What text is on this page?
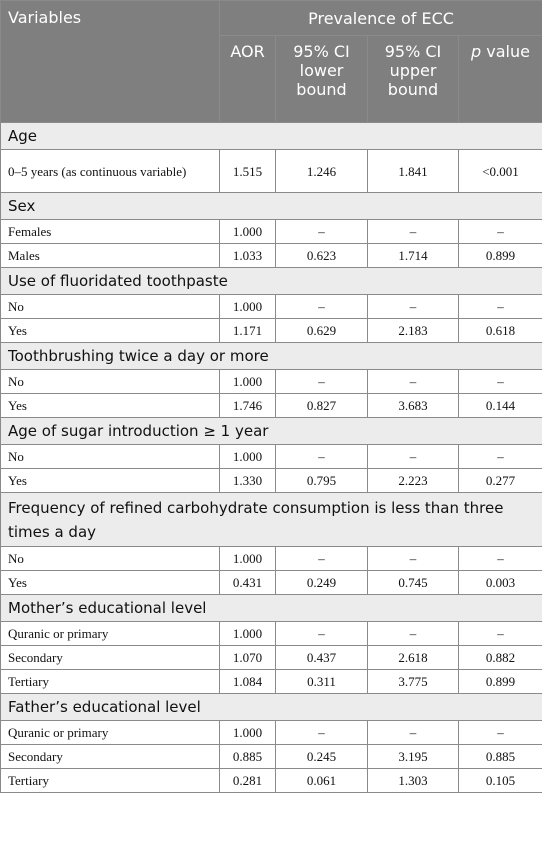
Variables	Prevalence of ECC			
	AOR	95% CI lower bound	95% CI upper bound	p value
Age				
0–5 years (as continuous variable)	1.515	1.246	1.841	<0.001
Sex				
Females	1.000	–	–	–
Males	1.033	0.623	1.714	0.899
Use of fluoridated toothpaste				
No	1.000	–	–	–
Yes	1.171	0.629	2.183	0.618
Toothbrushing twice a day or more				
No	1.000	–	–	–
Yes	1.746	0.827	3.683	0.144
Age of sugar introduction ≥ 1 year				
No	1.000	–	–	–
Yes	1.330	0.795	2.223	0.277
Frequency of refined carbohydrate consumption is less than three times a day				
No	1.000	–	–	–
Yes	0.431	0.249	0.745	0.003
Mother’s educational level				
Quranic or primary	1.000	–	–	–
Secondary	1.070	0.437	2.618	0.882
Tertiary	1.084	0.311	3.775	0.899
Father’s educational level				
Quranic or primary	1.000	–	–	–
Secondary	0.885	0.245	3.195	0.885
Tertiary	0.281	0.061	1.303	0.105
